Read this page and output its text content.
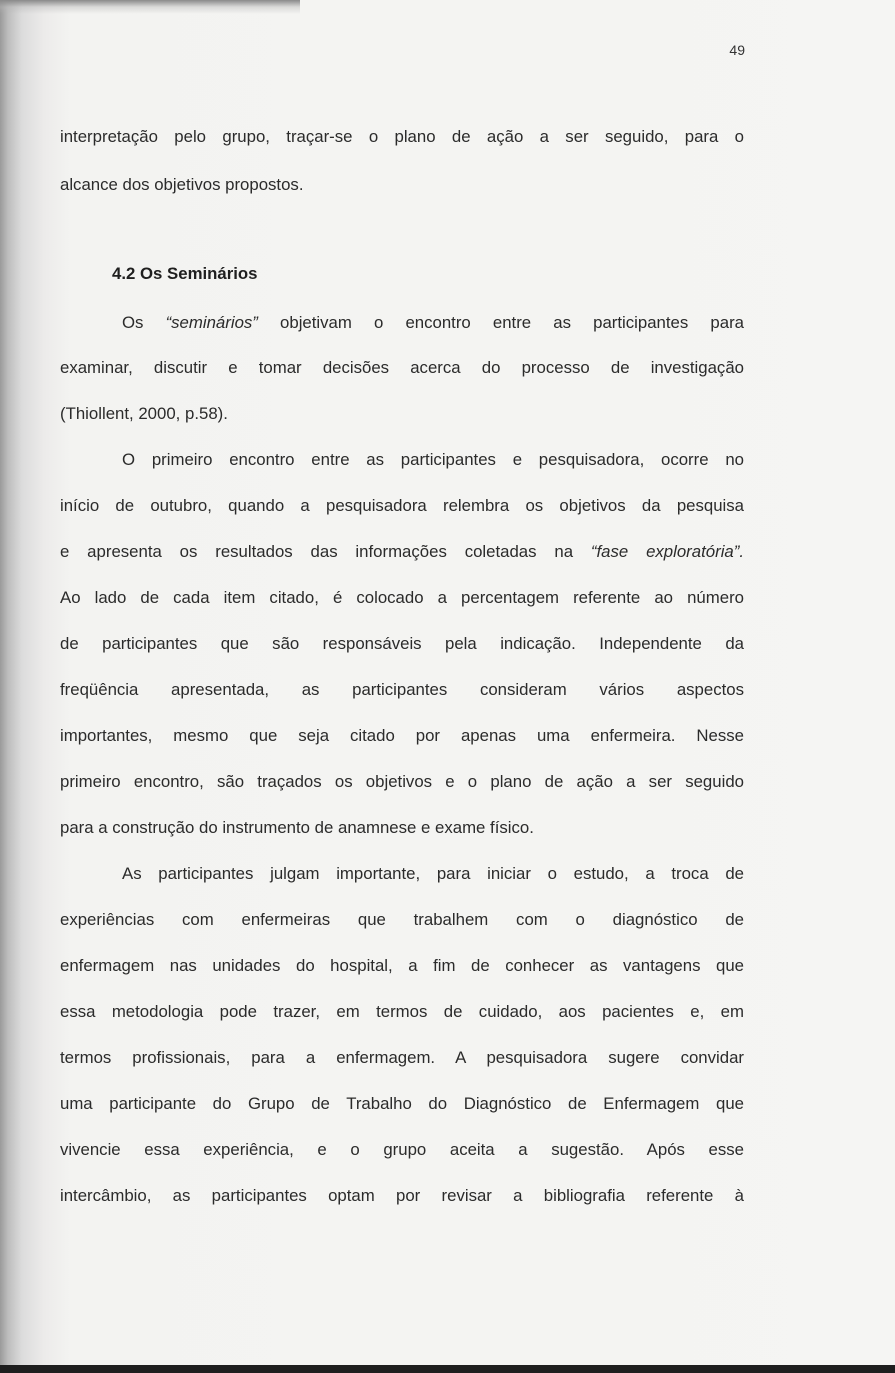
49

interpretação pelo grupo, traçar-se o plano de ação a ser seguido, para o

alcance dos objetivos propostos.

4.2 Os Seminários

Os “seminários” objetivam o encontro entre as participantes para

examinar, discutir e tomar decisões acerca do processo de investigação

(Thiollent, 2000, p.58).

O primeiro encontro entre as participantes e pesquisadora, ocorre no

início de outubro, quando a pesquisadora relembra os objetivos da pesquisa

e apresenta os resultados das informações coletadas na “fase exploratória”.

Ao lado de cada item citado, é colocado a percentagem referente ao número

de participantes que são responsáveis pela indicação. Independente da

freqüência apresentada, as participantes consideram vários aspectos

importantes, mesmo que seja citado por apenas uma enfermeira. Nesse

primeiro encontro, são traçados os objetivos e o plano de ação a ser seguido

para a construção do instrumento de anamnese e exame físico.

As participantes julgam importante, para iniciar o estudo, a troca de

experiências com enfermeiras que trabalhem com o diagnóstico de

enfermagem nas unidades do hospital, a fim de conhecer as vantagens que

essa metodologia pode trazer, em termos de cuidado, aos pacientes e, em

termos profissionais, para a enfermagem. A pesquisadora sugere convidar

uma participante do Grupo de Trabalho do Diagnóstico de Enfermagem que

vivencie essa experiência, e o grupo aceita a sugestão. Após esse

intercâmbio, as participantes optam por revisar a bibliografia referente à
